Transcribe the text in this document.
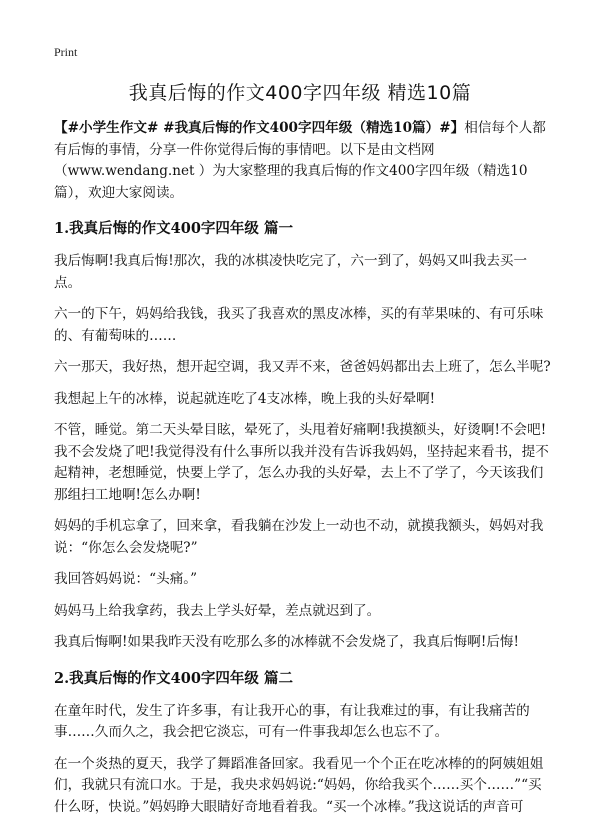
Print
我真后悔的作文400字四年级 精选10篇

【#小学生作文# #我真后悔的作文400字四年级（精选10篇）#】相信每个人都有后悔的事情，分享一件你觉得后悔的事情吧。以下是由文档网（www.wendang.net ）为大家整理的我真后悔的作文400字四年级（精选10篇），欢迎大家阅读。

1.我真后悔的作文400字四年级 篇一

我后悔啊!我真后悔!那次，我的冰棋凌快吃完了，六一到了，妈妈又叫我去买一点。

六一的下午，妈妈给我钱，我买了我喜欢的黑皮冰棒，买的有苹果味的、有可乐味的、有葡萄味的……

六一那天，我好热，想开起空调，我又弄不来，爸爸妈妈都出去上班了，怎么半呢?

我想起上午的冰棒，说起就连吃了4支冰棒，晚上我的头好晕啊!

不管，睡觉。第二天头晕目眩，晕死了，头甩着好痛啊!我摸额头，好烫啊!不会吧!我不会发烧了吧!我觉得没有什么事所以我并没有告诉我妈妈，坚持起来看书，提不起精神，老想睡觉，快要上学了，怎么办我的头好晕，去上不了学了，今天该我们那组扫工地啊!怎么办啊!

妈妈的手机忘拿了，回来拿，看我躺在沙发上一动也不动，就摸我额头，妈妈对我说：“你怎么会发烧呢?”

我回答妈妈说：“头痛。”

妈妈马上给我拿药，我去上学头好晕，差点就迟到了。

我真后悔啊!如果我昨天没有吃那么多的冰棒就不会发烧了，我真后悔啊!后悔!

2.我真后悔的作文400字四年级 篇二

在童年时代，发生了许多事，有让我开心的事，有让我难过的事，有让我痛苦的事……久而久之，我会把它淡忘，可有一件事我却怎么也忘不了。

在一个炎热的夏天，我学了舞蹈准备回家。我看见一个个正在吃冰棒的的阿姨姐姐们，我就只有流口水。于是，我央求妈妈说:“妈妈，你给我买个……买个……”“买什么呀，快说。”妈妈睁大眼睛好奇地看着我。“买一个冰棒。”我这说话的声音可
